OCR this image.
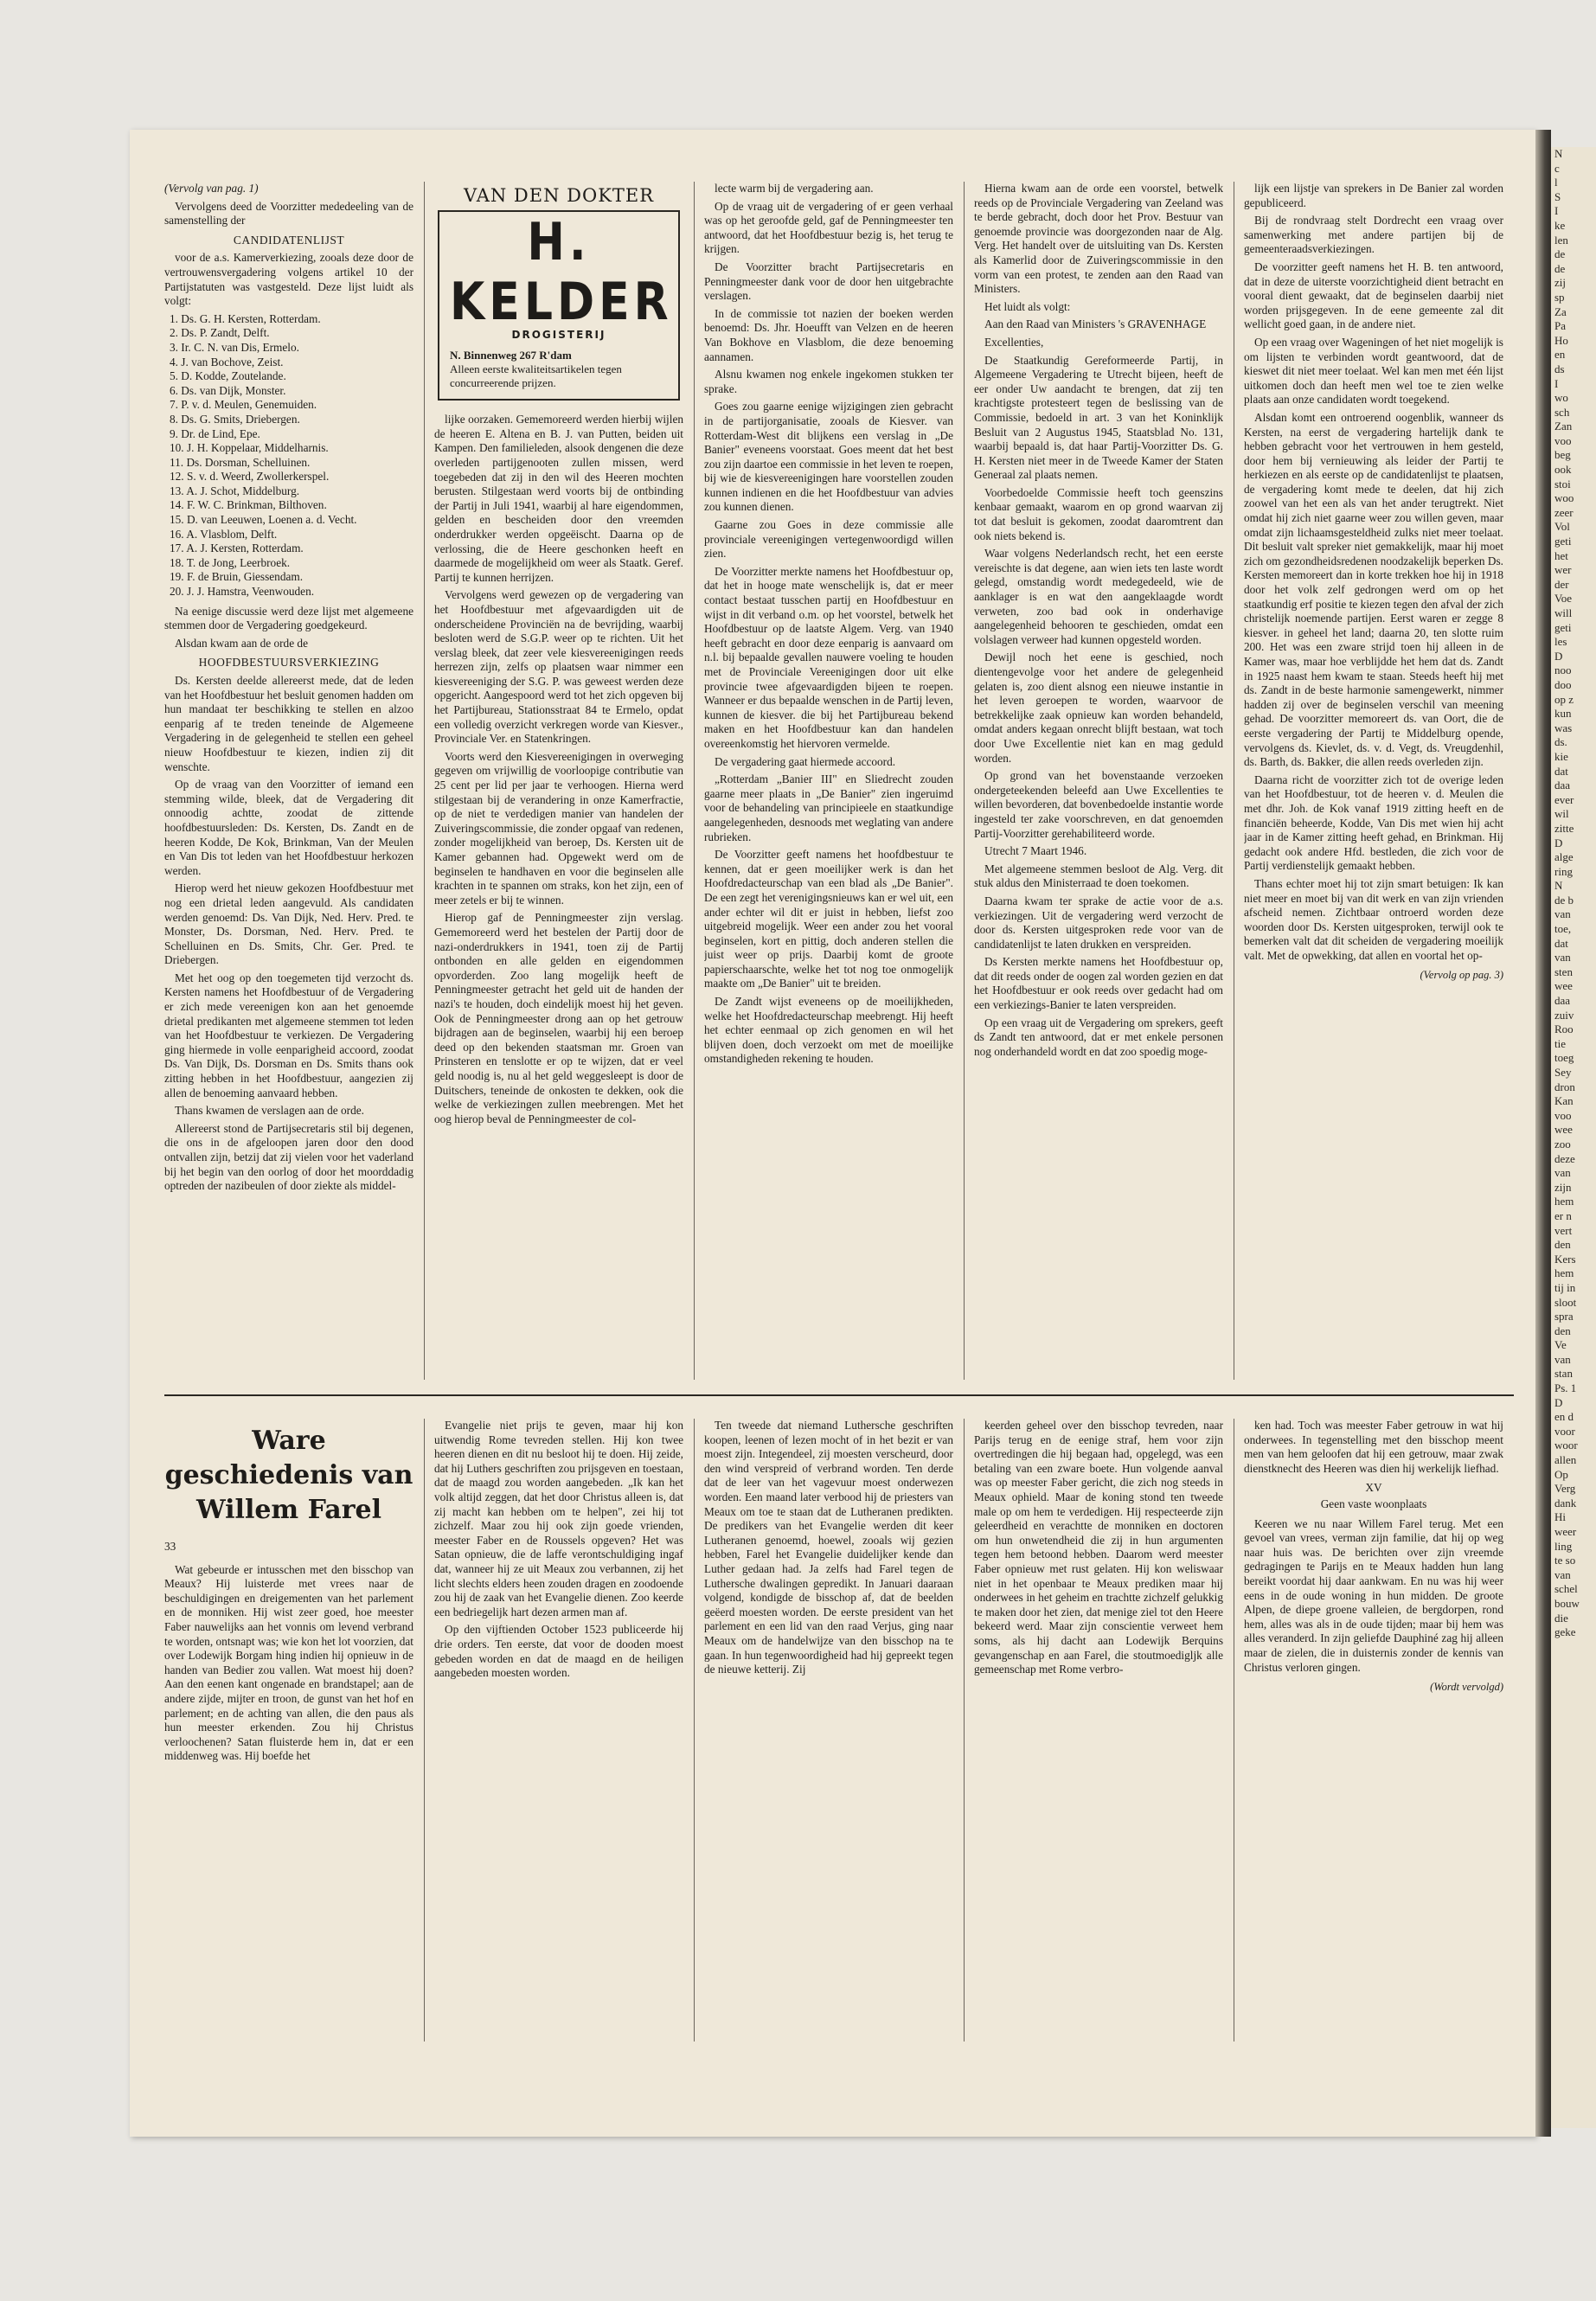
(Vervolg van pag. 1)

Vervolgens deed de Voorzitter mededeeling van de samenstelling der

CANDIDATENLIJST

voor de a.s. Kamerverkiezing, zooals deze door de vertrouwensvergadering volgens artikel 10 der Partijstatuten was vastgesteld. Deze lijst luidt als volgt:

1. Ds. G. H. Kersten, Rotterdam.
2. Ds. P. Zandt, Delft.
3. Ir. C. N. van Dis, Ermelo.
4. J. van Bochove, Zeist.
5. D. Kodde, Zoutelande.
6. Ds. van Dijk, Monster.
7. P. v. d. Meulen, Genemuiden.
8. Ds. G. Smits, Driebergen.
9. Dr. de Lind, Epe.
10. J. H. Koppelaar, Middelharnis.
11. Ds. Dorsman, Schelluinen.
12. S. v. d. Weerd, Zwollerkerspel.
13. A. J. Schot, Middelburg.
14. F. W. C. Brinkman, Bilthoven.
15. D. van Leeuwen, Loenen a. d. Vecht.
16. A. Vlasblom, Delft.
17. A. J. Kersten, Rotterdam.
18. T. de Jong, Leerbroek.
19. F. de Bruin, Giessendam.
20. J. J. Hamstra, Veenwouden.

Na eenige discussie werd deze lijst met algemeene stemmen door de Vergadering goedgekeurd.

Alsdan kwam aan de orde de

HOOFDBESTUURSVERKIEZING

Ds. Kersten deelde allereerst mede, dat de leden van het Hoofdbestuur het besluit genomen hadden om hun mandaat ter beschikking te stellen en alzoo eenparig af te treden teneinde de Algemeene Vergadering in de gelegenheid te stellen een geheel nieuw Hoofdbestuur te kiezen, indien zij dit wenschte.

Op de vraag van den Voorzitter of iemand een stemming wilde, bleek, dat de Vergadering dit onnoodig achtte, zoodat de zittende hoofdbestuursleden: Ds. Kersten, Ds. Zandt en de heeren Kodde, De Kok, Brinkman, Van der Meulen en Van Dis tot leden van het Hoofdbestuur herkozen werden.

Hierop werd het nieuw gekozen Hoofdbestuur met nog een drietal leden aangevuld. Als candidaten werden genoemd: Ds. Van Dijk, Ned. Herv. Pred. te Monster, Ds. Dorsman, Ned. Herv. Pred. te Schelluinen en Ds. Smits, Chr. Ger. Pred. te Driebergen.

Met het oog op den toegemeten tijd verzocht ds. Kersten namens het Hoofdbestuur of de Vergadering er zich mede vereenigen kon aan het genoemde drietal predikanten met algemeene stemmen tot leden van het Hoofdbestuur te verkiezen. De Vergadering ging hiermede in volle eenparigheid accoord, zoodat Ds. Van Dijk, Ds. Dorsman en Ds. Smits thans ook zitting hebben in het Hoofdbestuur, aangezien zij allen de benoeming aanvaard hebben.

Thans kwamen de verslagen aan de orde.

Allereerst stond de Partijsecretaris stil bij degenen, die ons in de afgeloopen jaren door den dood ontvallen zijn, betzij dat zij vielen voor het vaderland bij het begin van den oorlog of door het moorddadig optreden der nazibeulen of door ziekte als middel-

VAN DEN DOKTER
H. KELDER
DROGISTERIJ
N. Binnenweg 267 R'dam
Alleen eerste kwaliteitsartikelen tegen concurreerende prijzen.

lijke oorzaken. Gememoreerd werden hierbij wijlen de heeren E. Altena en B. J. van Putten, beiden uit Kampen. Den familieleden, alsook dengenen die deze overleden partijgenooten zullen missen, werd toegebeden dat zij in den wil des Heeren mochten berusten. Stilgestaan werd voorts bij de ontbinding der Partij in Juli 1941, waarbij al hare eigendommen, gelden en bescheiden door den vreemden onderdrukker werden opgeëischt. Daarna op de verlossing, die de Heere geschonken heeft en daarmede de mogelijkheid om weer als Staatk. Geref. Partij te kunnen herrijzen.

Vervolgens werd gewezen op de vergadering van het Hoofdbestuur met afgevaardigden uit de onderscheidene Provinciën na de bevrijding, waarbij besloten werd de S.G.P. weer op te richten. Uit het verslag bleek, dat zeer vele kiesvereenigingen reeds herrezen zijn, zelfs op plaatsen waar nimmer een kiesvereeniging der S.G. P. was geweest werden deze opgericht. Aangespoord werd tot het zich opgeven bij het Partijbureau, Stationsstraat 84 te Ermelo, opdat een volledig overzicht verkregen worde van Kiesver., Provinciale Ver. en Statenkringen.

Voorts werd den Kiesvereenigingen in overweging gegeven om vrijwillig de voorloopige contributie van 25 cent per lid per jaar te verhoogen. Hierna werd stilgestaan bij de verandering in onze Kamerfractie, op de niet te verdedigen manier van handelen der Zuiveringscommissie, die zonder opgaaf van redenen, zonder mogelijkheid van beroep, Ds. Kersten uit de Kamer gebannen had. Opgewekt werd om de beginselen te handhaven en voor die beginselen alle krachten in te spannen om straks, kon het zijn, een of meer zetels er bij te winnen.

Hierop gaf de Penningmeester zijn verslag. Gememoreerd werd het bestelen der Partij door de nazi-onderdrukkers in 1941, toen zij de Partij ontbonden en alle gelden en eigendommen opvorderden. Zoo lang mogelijk heeft de Penningmeester getracht het geld uit de handen der nazi's te houden, doch eindelijk moest hij het geven. Ook de Penningmeester drong aan op het getrouw bijdragen aan de beginselen, waarbij hij een beroep deed op den bekenden staatsman mr. Groen van Prinsteren en tenslotte er op te wijzen, dat er veel geld noodig is, nu al het geld weggesleept is door de Duitschers, teneinde de onkosten te dekken, ook die welke de verkiezingen zullen meebrengen. Met het oog hierop beval de Penningmeester de col-

lecte warm bij de vergadering aan.

Op de vraag uit de vergadering of er geen verhaal was op het geroofde geld, gaf de Penningmeester ten antwoord, dat het Hoofdbestuur bezig is, het terug te krijgen.

De Voorzitter bracht Partijsecretaris en Penningmeester dank voor de door hen uitgebrachte verslagen.

In de commissie tot nazien der boeken werden benoemd: Ds. Jhr. Hoeufft van Velzen en de heeren Van Bokhove en Vlasblom, die deze benoeming aannamen.

Alsnu kwamen nog enkele ingekomen stukken ter sprake.

Goes zou gaarne eenige wijzigingen zien gebracht in de partijorganisatie, zooals de Kiesver. van Rotterdam-West dit blijkens een verslag in „De Banier" eveneens voorstaat. Goes meent dat het best zou zijn daartoe een commissie in het leven te roepen, bij wie de kiesvereenigingen hare voorstellen zouden kunnen indienen en die het Hoofdbestuur van advies zou kunnen dienen.

Gaarne zou Goes in deze commissie alle provinciale vereenigingen vertegenwoordigd willen zien.

De Voorzitter merkte namens het Hoofdbestuur op, dat het in hooge mate wenschelijk is, dat er meer contact bestaat tusschen partij en Hoofdbestuur en wijst in dit verband o.m. op het voorstel, betwelk het Hoofdbestuur op de laatste Algem. Verg. van 1940 heeft gebracht en door deze eenparig is aanvaard om n.l. bij bepaalde gevallen nauwere voeling te houden met de Provinciale Vereenigingen door uit elke provincie twee afgevaardigden bijeen te roepen. Wanneer er dus bepaalde wenschen in de Partij leven, kunnen de kiesver. die bij het Partijbureau bekend maken en het Hoofdbestuur kan dan handelen overeenkomstig het hiervoren vermelde.

De vergadering gaat hiermede accoord.

„Rotterdam „Banier III" en Sliedrecht zouden gaarne meer plaats in „De Banier" zien ingeruimd voor de behandeling van principieele en staatkundige aangelegenheden, desnoods met weglating van andere rubrieken.

De Voorzitter geeft namens het hoofdbestuur te kennen, dat er geen moeilijker werk is dan het Hoofdredacteurschap van een blad als „De Banier". De een zegt het verenigingsnieuws kan er wel uit, een ander echter wil dit er juist in hebben, liefst zoo uitgebreid mogelijk. Weer een ander zou het vooral beginselen, kort en pittig, doch anderen stellen die juist weer op prijs. Daarbij komt de groote papierschaarschte, welke het tot nog toe onmogelijk maakte om „De Banier" uit te breiden.

De Zandt wijst eveneens op de moeilijkheden, welke het Hoofdredacteurschap meebrengt. Hij heeft het echter eenmaal op zich genomen en wil het blijven doen, doch verzoekt om met de moeilijke omstandigheden rekening te houden.

Hierna kwam aan de orde een voorstel, betwelk reeds op de Provinciale Vergadering van Zeeland was te berde gebracht, doch door het Prov. Bestuur van genoemde provincie was doorgezonden naar de Alg. Verg. Het handelt over de uitsluiting van Ds. Kersten als Kamerlid door de Zuiveringscommissie in den vorm van een protest, te zenden aan den Raad van Ministers.

Het luidt als volgt:

Aan den Raad van Ministers 's GRAVENHAGE

Excellenties,

De Staatkundig Gereformeerde Partij, in Algemeene Vergadering te Utrecht bijeen, heeft de eer onder Uw aandacht te brengen, dat zij ten krachtigste protesteert tegen de beslissing van de Commissie, bedoeld in art. 3 van het Koninklijk Besluit van 2 Augustus 1945, Staatsblad No. 131, waarbij bepaald is, dat haar Partij-Voorzitter Ds. G. H. Kersten niet meer in de Tweede Kamer der Staten Generaal zal plaats nemen.

Voorbedoelde Commissie heeft toch geenszins kenbaar gemaakt, waarom en op grond waarvan zij tot dat besluit is gekomen, zoodat daaromtrent dan ook niets bekend is.

Waar volgens Nederlandsch recht, het een eerste vereischte is dat degene, aan wien iets ten laste wordt gelegd, omstandig wordt medegedeeld, wie de aanklager is en wat den aangeklaagde wordt verweten, zoo bad ook in onderhavige aangelegenheid behooren te geschieden, omdat een volslagen verweer had kunnen opgesteld worden.

Dewijl noch het eene is geschied, noch dientengevolge voor het andere de gelegenheid gelaten is, zoo dient alsnog een nieuwe instantie in het leven geroepen te worden, waarvoor de betrekkelijke zaak opnieuw kan worden behandeld, omdat anders kegaan onrecht blijft bestaan, wat toch door Uwe Excellentie niet kan en mag geduld worden.

Op grond van het bovenstaande verzoeken ondergeteekenden beleefd aan Uwe Excellenties te willen bevorderen, dat bovenbedoelde instantie worde ingesteld ter zake voorschreven, en dat genoemden Partij-Voorzitter gerehabiliteerd worde.

Utrecht 7 Maart 1946.

Met algemeene stemmen besloot de Alg. Verg. dit stuk aldus den Ministerraad te doen toekomen.

Daarna kwam ter sprake de actie voor de a.s. verkiezingen. Uit de vergadering werd verzocht de door ds. Kersten uitgesproken rede voor van de candidatenlijst te laten drukken en verspreiden.

Ds Kersten merkte namens het Hoofdbestuur op, dat dit reeds onder de oogen zal worden gezien en dat het Hoofdbestuur er ook reeds over gedacht had om een verkiezings-Banier te laten verspreiden.

Op een vraag uit de Vergadering om sprekers, geeft ds Zandt ten antwoord, dat er met enkele personen nog onderhandeld wordt en dat zoo spoedig moge-

lijk een lijstje van sprekers in De Banier zal worden gepubliceerd.

Bij de rondvraag stelt Dordrecht een vraag over samenwerking met andere partijen bij de gemeenteraadsverkiezingen.

De voorzitter geeft namens het H. B. ten antwoord, dat in deze de uiterste voorzichtigheid dient betracht en vooral dient gewaakt, dat de beginselen daarbij niet worden prijsgegeven. In de eene gemeente zal dit wellicht goed gaan, in de andere niet.

Op een vraag over Wageningen of het niet mogelijk is om lijsten te verbinden wordt geantwoord, dat de kieswet dit niet meer toelaat. Wel kan men met één lijst uitkomen doch dan heeft men wel toe te zien welke plaats aan onze candidaten wordt toegekend.

Alsdan komt een ontroerend oogenblik, wanneer ds Kersten, na eerst de vergadering hartelijk dank te hebben gebracht voor het vertrouwen in hem gesteld, door hem bij vernieuwing als leider der Partij te herkiezen en als eerste op de candidatenlijst te plaatsen, de vergadering komt mede te deelen, dat hij zich zoowel van het een als van het ander terugtrekt. Niet omdat hij zich niet gaarne weer zou willen geven, maar omdat zijn lichaamsgesteldheid zulks niet meer toelaat. Dit besluit valt spreker niet gemakkelijk, maar hij moet zich om gezondheidsredenen noodzakelijk beperken Ds. Kersten memoreert dan in korte trekken hoe hij in 1918 door het volk zelf gedrongen werd om op het staatkundig erf positie te kiezen tegen den afval der zich christelijk noemende partijen. Eerst waren er zegge 8 kiesver. in geheel het land; daarna 20, ten slotte ruim 200. Het was een zware strijd toen hij alleen in de Kamer was, maar hoe verblijdde het hem dat ds. Zandt in 1925 naast hem kwam te staan. Steeds heeft hij met ds. Zandt in de beste harmonie samengewerkt, nimmer hadden zij over de beginselen verschil van meening gehad. De voorzitter memoreert ds. van Oort, die de eerste vergadering der Partij te Middelburg opende, vervolgens ds. Kievlet, ds. v. d. Vegt, ds. Vreugdenhil, ds. Barth, ds. Bakker, die allen reeds overleden zijn.

Daarna richt de voorzitter zich tot de overige leden van het Hoofdbestuur, tot de heeren v. d. Meulen die met dhr. Joh. de Kok vanaf 1919 zitting heeft en de financiën beheerde, Kodde, Van Dis met wien hij acht jaar in de Kamer zitting heeft gehad, en Brinkman. Hij gedacht ook andere Hfd. bestleden, die zich voor de Partij verdienstelijk gemaakt hebben.

Thans echter moet hij tot zijn smart betuigen: Ik kan niet meer en moet bij van dit werk en van zijn vrienden afscheid nemen. Zichtbaar ontroerd worden deze woorden door Ds. Kersten uitgesproken, terwijl ook te bemerken valt dat dit scheiden de vergadering moeilijk valt. Met de opwekking, dat allen en voortal het op-

(Vervolg op pag. 3)

Ware geschiedenis van Willem Farel

33

Wat gebeurde er intusschen met den bisschop van Meaux? Hij luisterde met vrees naar de beschuldigingen en dreigementen van het parlement en de monniken. Hij wist zeer goed, hoe meester Faber nauwelijks aan het vonnis om levend verbrand te worden, ontsnapt was; wie kon het lot voorzien, dat over Lodewijk Borgam hing indien hij opnieuw in de handen van Bedier zou vallen. Wat moest hij doen? Aan den eenen kant ongenade en brandstapel; aan de andere zijde, mijter en troon, de gunst van het hof en parlement; en de achting van allen, die den paus als hun meester erkenden. Zou hij Christus verloochenen? Satan fluisterde hem in, dat er een middenweg was. Hij boefde het

Evangelie niet prijs te geven, maar hij kon uitwendig Rome tevreden stellen. Hij kon twee heeren dienen en dit nu besloot hij te doen. Hij zeide, dat hij Luthers geschriften zou prijsgeven en toestaan, dat de maagd zou worden aangebeden. „Ik kan het volk altijd zeggen, dat het door Christus alleen is, dat zij macht kan hebben om te helpen", zei hij tot zichzelf. Maar zou hij ook zijn goede vrienden, meester Faber en de Roussels opgeven? Het was Satan opnieuw, die de laffe verontschuldiging ingaf dat, wanneer hij ze uit Meaux zou verbannen, zij het licht slechts elders heen zouden dragen en zoodoende zou hij de zaak van het Evangelie dienen. Zoo keerde een bedriegelijk hart dezen armen man af.

Op den vijftienden October 1523 publiceerde hij drie orders. Ten eerste, dat voor de dooden moest gebeden worden en dat de maagd en de heiligen aangebeden moesten worden.

Ten tweede dat niemand Luthersche geschriften koopen, leenen of lezen mocht of in het bezit er van moest zijn. Integendeel, zij moesten verscheurd, door den wind verspreid of verbrand worden. Ten derde dat de leer van het vagevuur moest onderwezen worden. Een maand later verbood hij de priesters van Meaux om toe te staan dat de Lutheranen predikten. De predikers van het Evangelie werden dit keer Lutheranen genoemd, hoewel, zooals wij gezien hebben, Farel het Evangelie duidelijker kende dan Luther gedaan had. Ja zelfs had Farel tegen de Luthersche dwalingen gepredikt. In Januari daaraan volgend, kondigde de bisschop af, dat de beelden geëerd moesten worden. De eerste president van het parlement en een lid van den raad Verjus, ging naar Meaux om de handelwijze van den bisschop na te gaan. In hun tegenwoordigheid had hij gepreekt tegen de nieuwe ketterij. Zij

keerden geheel over den bisschop tevreden, naar Parijs terug en de eenige straf, hem voor zijn overtredingen die hij begaan had, opgelegd, was een betaling van een zware boete. Hun volgende aanval was op meester Faber gericht, die zich nog steeds in Meaux ophield. Maar de koning stond ten tweede male op om hem te verdedigen. Hij respecteerde zijn geleerdheid en verachtte de monniken en doctoren om hun onwetendheid die zij in hun argumenten tegen hem betoond hebben. Daarom werd meester Faber opnieuw met rust gelaten. Hij kon weliswaar niet in het openbaar te Meaux prediken maar hij onderwees in het geheim en trachtte zichzelf gelukkig te maken door het zien, dat menige ziel tot den Heere bekeerd werd. Maar zijn conscientie verweet hem soms, als hij dacht aan Lodewijk Berquins gevangenschap en aan Farel, die stoutmoedigljk alle gemeenschap met Rome verbro-

ken had. Toch was meester Faber getrouw in wat hij onderwees. In tegenstelling met den bisschop meent men van hem geloofen dat hij een getrouw, maar zwak dienstknecht des Heeren was dien hij werkelijk liefhad.

XV

Geen vaste woonplaats

Keeren we nu naar Willem Farel terug. Met een gevoel van vrees, verman zijn familie, dat hij op weg naar huis was. De berichten over zijn vreemde gedragingen te Parijs en te Meaux hadden hun lang bereikt voordat hij daar aankwam. En nu was hij weer eens in de oude woning in hun midden. De groote Alpen, de diepe groene valleien, de bergdorpen, rond hem, alles was als in de oude tijden; maar bij hem was alles veranderd. In zijn geliefde Dauphiné zag hij alleen maar de zielen, die in duisternis zonder de kennis van Christus verloren gingen.

(Wordt vervolgd)

N
c
l
S
I
ke
len
de
de
zij
sp
Za
Pa
Ho
en
ds
I
wo
sch
Zan
voo
beg
ook
stoi
woo
zeer
Vol
geti
het
wer
der
Voe
will
geti
les
D
noo
doo
op z
kun
was
ds.
kie
dat
daa
ever
wil
zitte
D
alge
ring
N
de b
van
toe,
dat
van
sten
wee
daa
zuiv
Roo
tie
toeg
Sey
dron
Kan
voo
wee
zoo
deze
van
zijn
hem
er n
vert
den
Kers
hem
tij in
sloot
spra
den
Ve
van
stan
Ps. 1
D
en d
voor
woor
allen
Op
Verg
dank
Hi
weer
ling
te so
van
schel
bouw
die
geke
